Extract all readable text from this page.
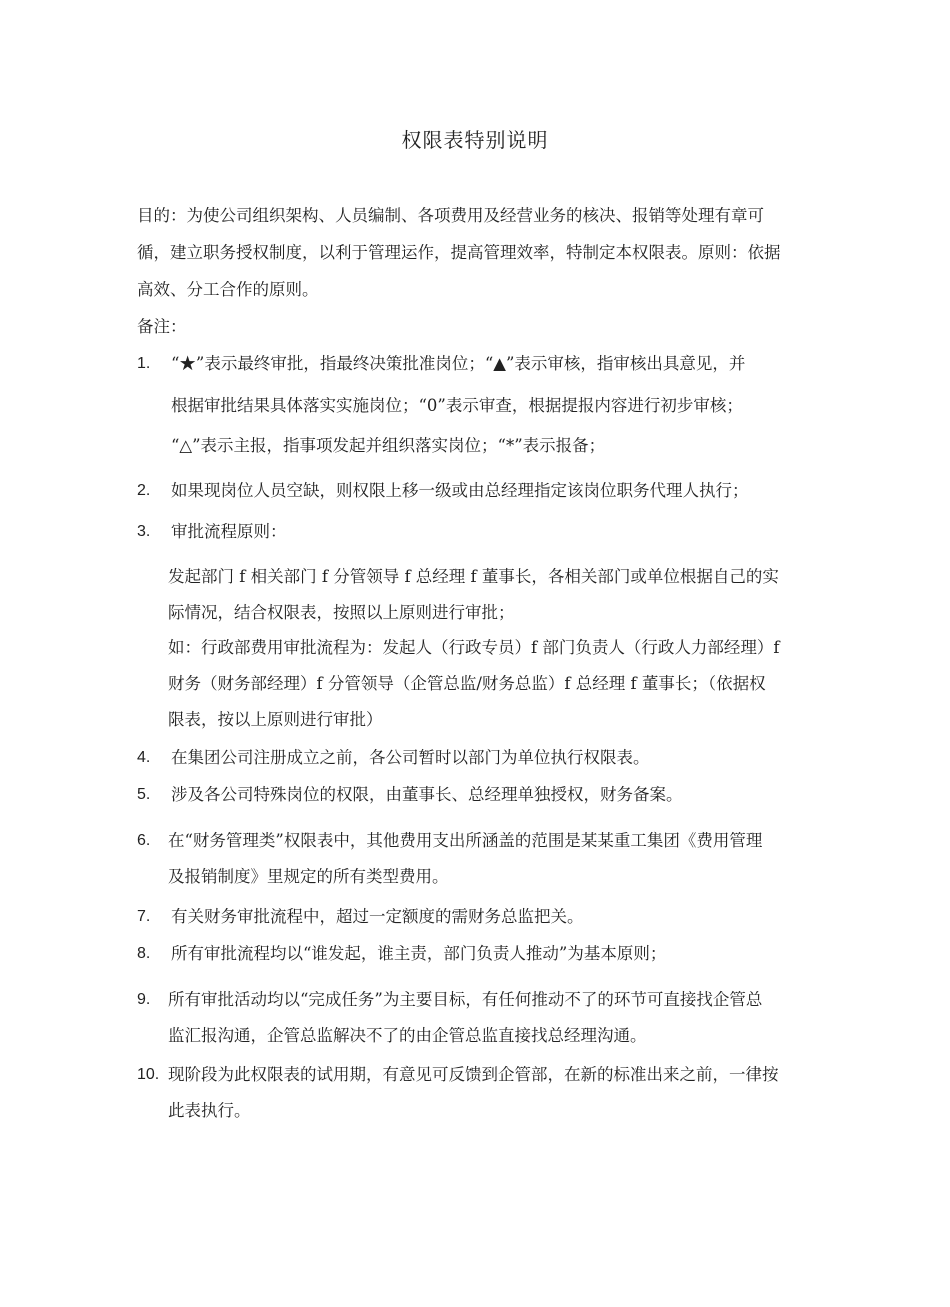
权限表特别说明
目的：为使公司组织架构、人员编制、各项费用及经营业务的核决、报销等处理有章可
循，建立职务授权制度，以利于管理运作，提高管理效率，特制定本权限表。原则：依据
高效、分工合作的原则。
备注：
1. “★”表示最终审批，指最终决策批准岗位；“▲”表示审核，指审核出具意见，并
根据审批结果具体落实实施岗位；“0”表示审查，根据提报内容进行初步审核；
“△”表示主报，指事项发起并组织落实岗位；“*”表示报备；
2. 如果现岗位人员空缺，则权限上移一级或由总经理指定该岗位职务代理人执行；
3. 审批流程原则：
发起部门 f 相关部门 f 分管领导 f 总经理 f 董事长，各相关部门或单位根据自己的实
际情况，结合权限表，按照以上原则进行审批；
如：行政部费用审批流程为：发起人（行政专员）f 部门负责人（行政人力部经理）f
财务（财务部经理）f 分管领导（企管总监/财务总监）f 总经理 f 董事长；（依据权
限表，按以上原则进行审批）
4. 在集团公司注册成立之前，各公司暂时以部门为单位执行权限表。
5. 涉及各公司特殊岗位的权限，由董事长、总经理单独授权，财务备案。
6. 在“财务管理类”权限表中，其他费用支出所涵盖的范围是某某重工集团《费用管理
及报销制度》里规定的所有类型费用。
7. 有关财务审批流程中，超过一定额度的需财务总监把关。
8. 所有审批流程均以“谁发起，谁主责，部门负责人推动”为基本原则；
9. 所有审批活动均以“完成任务”为主要目标，有任何推动不了的环节可直接找企管总
监汇报沟通，企管总监解决不了的由企管总监直接找总经理沟通。
10. 现阶段为此权限表的试用期，有意见可反馈到企管部，在新的标准出来之前，一律按
此表执行。
